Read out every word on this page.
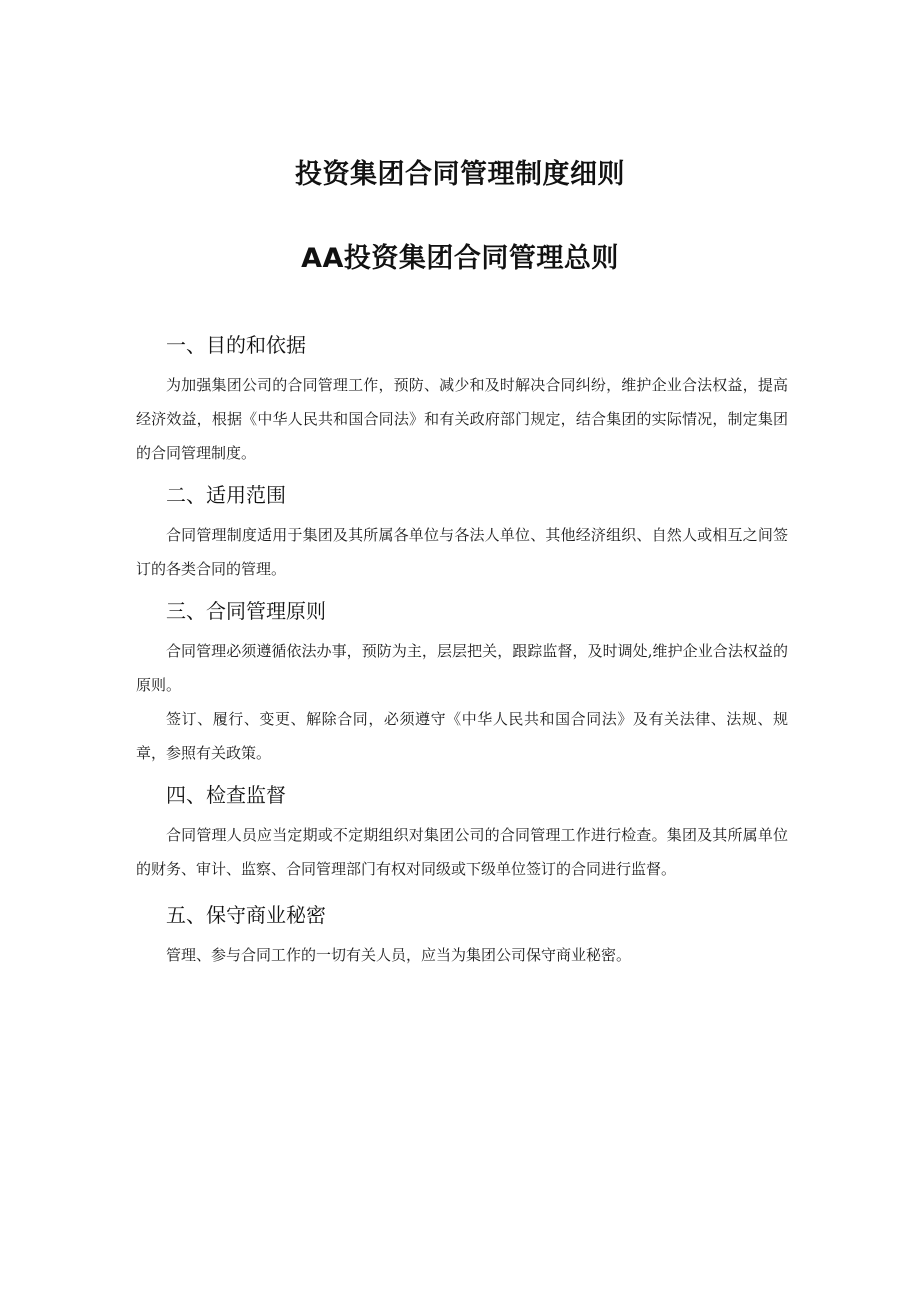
投资集团合同管理制度细则
AA投资集团合同管理总则
一、目的和依据

为加强集团公司的合同管理工作，预防、减少和及时解决合同纠纷，维护企业合法权益，提高经济效益，根据《中华人民共和国合同法》和有关政府部门规定，结合集团的实际情况，制定集团的合同管理制度。

二、适用范围

合同管理制度适用于集团及其所属各单位与各法人单位、其他经济组织、自然人或相互之间签订的各类合同的管理。

三、合同管理原则

合同管理必须遵循依法办事，预防为主，层层把关，跟踪监督，及时调处,维护企业合法权益的原则。

签订、履行、变更、解除合同，必须遵守《中华人民共和国合同法》及有关法律、法规、规章，参照有关政策。

四、检查监督

合同管理人员应当定期或不定期组织对集团公司的合同管理工作进行检查。集团及其所属单位的财务、审计、监察、合同管理部门有权对同级或下级单位签订的合同进行监督。

五、保守商业秘密

管理、参与合同工作的一切有关人员，应当为集团公司保守商业秘密。
